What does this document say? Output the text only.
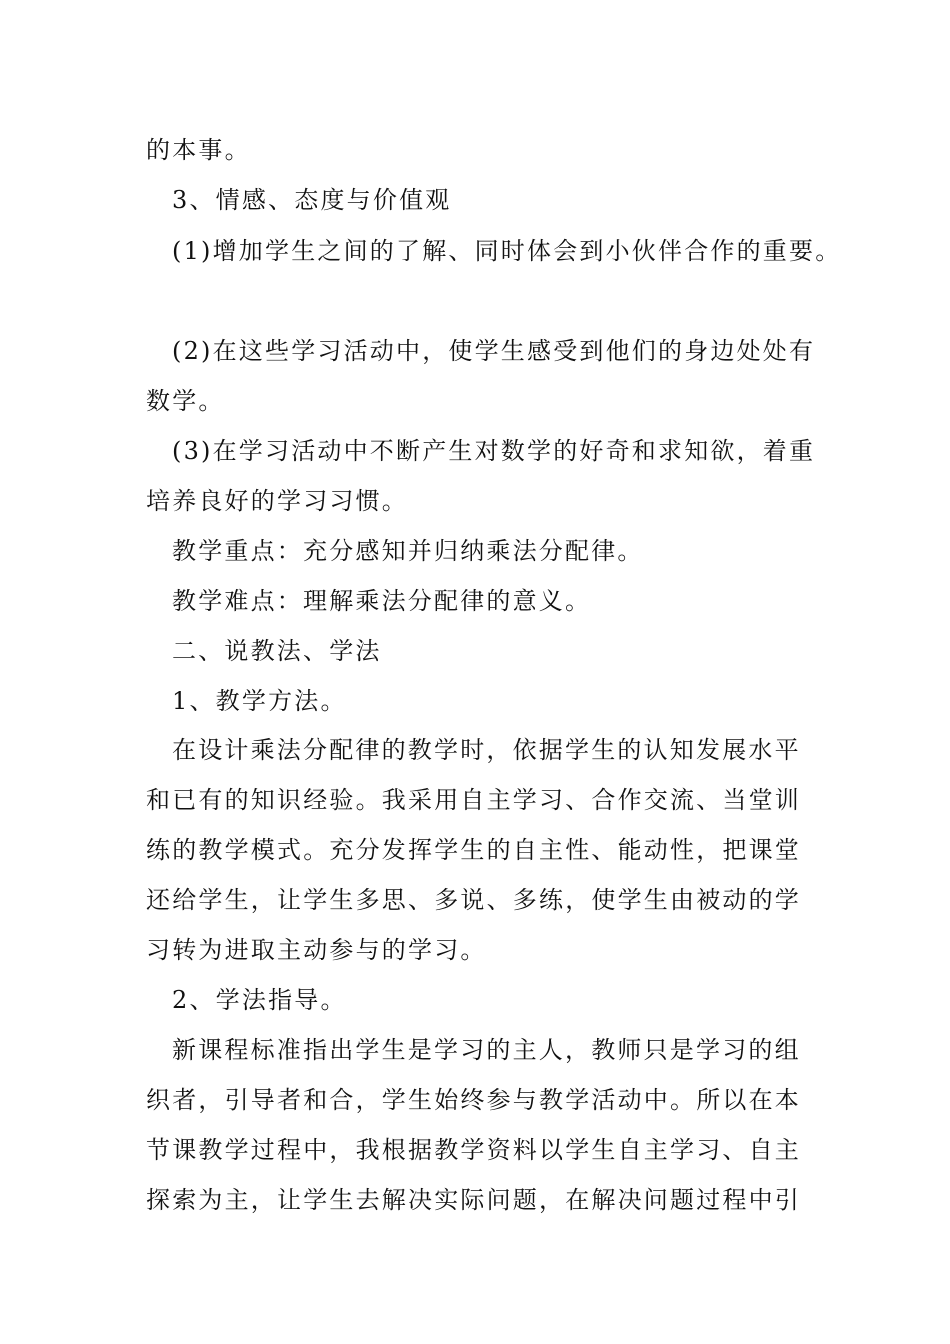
的本事。
3、情感、态度与价值观
(1)增加学生之间的了解、同时体会到小伙伴合作的重要。
(2)在这些学习活动中，使学生感受到他们的身边处处有
数学。
(3)在学习活动中不断产生对数学的好奇和求知欲，着重
培养良好的学习习惯。
教学重点：充分感知并归纳乘法分配律。
教学难点：理解乘法分配律的意义。
二、说教法、学法
1、教学方法。
在设计乘法分配律的教学时，依据学生的认知发展水平
和已有的知识经验。我采用自主学习、合作交流、当堂训
练的教学模式。充分发挥学生的自主性、能动性，把课堂
还给学生，让学生多思、多说、多练，使学生由被动的学
习转为进取主动参与的学习。
2、学法指导。
新课程标准指出学生是学习的主人，教师只是学习的组
织者，引导者和合，学生始终参与教学活动中。所以在本
节课教学过程中，我根据教学资料以学生自主学习、自主
探索为主，让学生去解决实际问题，在解决问题过程中引
